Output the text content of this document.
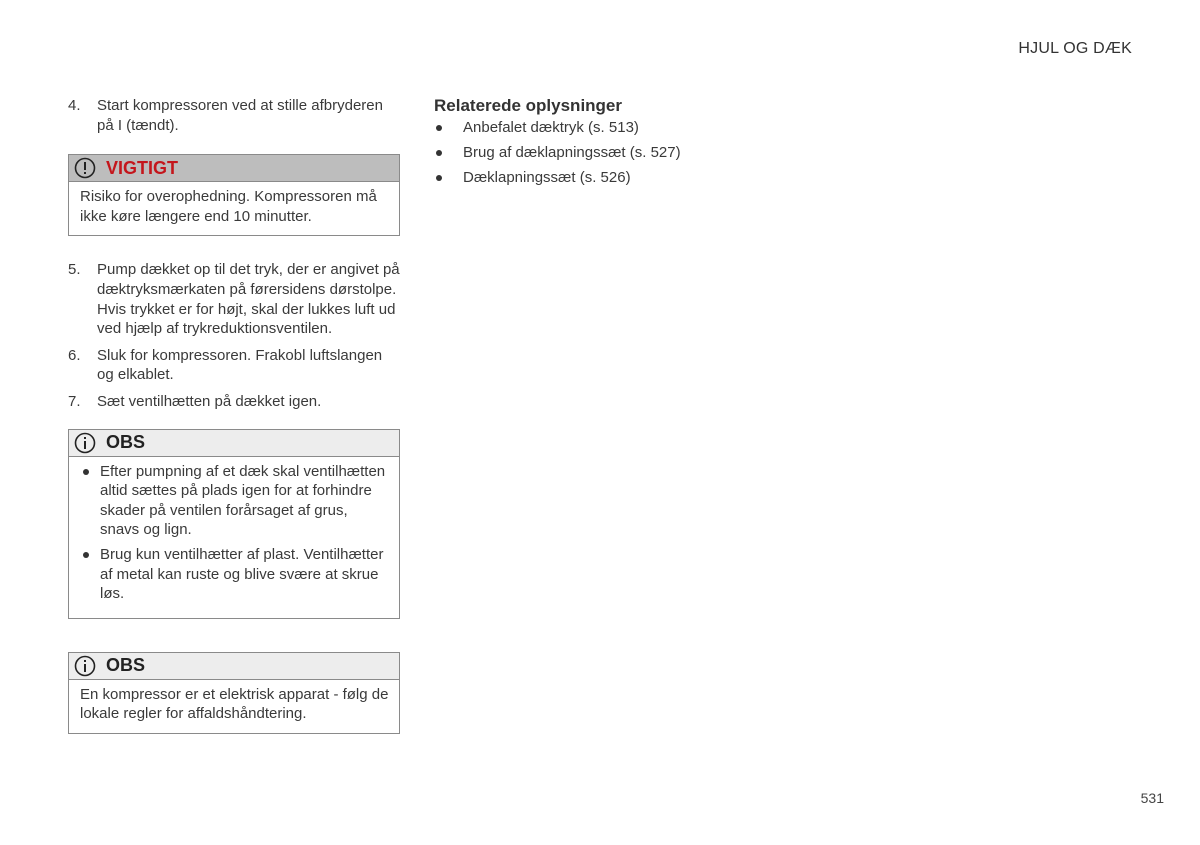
HJUL OG DÆK
4.	Start kompressoren ved at stille afbryderen på I (tændt).
VIGTIGT
Risiko for overophedning. Kompressoren må ikke køre længere end 10 minutter.
5.	Pump dækket op til det tryk, der er angivet på dæktryksmærkaten på førersidens dørstolpe. Hvis trykket er for højt, skal der lukkes luft ud ved hjælp af trykreduktionsventilen.
6.	Sluk for kompressoren. Frakobl luftslangen og elkablet.
7.	Sæt ventilhætten på dækket igen.
OBS
Efter pumpning af et dæk skal ventilhætten altid sættes på plads igen for at forhindre skader på ventilen forårsaget af grus, snavs og lign.
Brug kun ventilhætter af plast. Ventilhætter af metal kan ruste og blive svære at skrue løs.
OBS
En kompressor er et elektrisk apparat - følg de lokale regler for affaldshåndtering.
Relaterede oplysninger
Anbefalet dæktryk (s. 513)
Brug af dæklapningssæt (s. 527)
Dæklapningssæt (s. 526)
531
